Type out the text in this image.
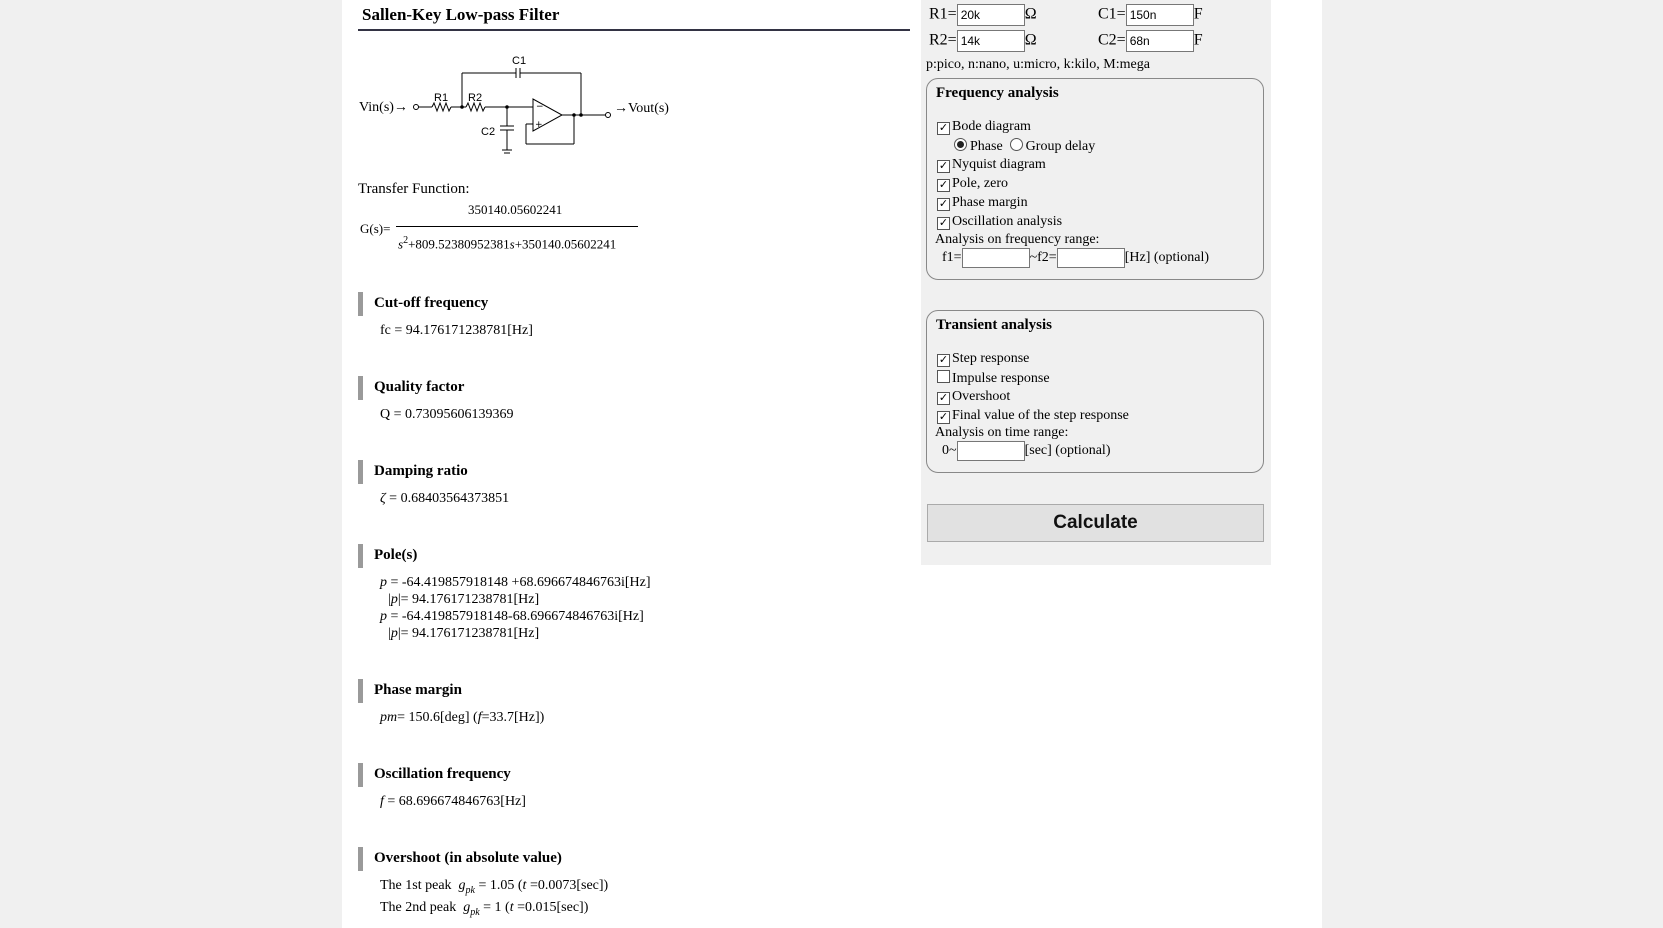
Sallen-Key Low-pass Filter
Vin(s)→	−
+
R1 R2
C1
C2
→Vout(s)
Transfer Function:
G(s)=
350140.05602241
$s^2+809.52380952381s+350140.05602241$
Cut-off frequency
fc = 94.176171238781[Hz]
Quality factor
Q = 0.73095606139369
Damping ratio
ζ = 0.68403564373851
Pole(s)
p = -64.419857918148 +68.696674846763i[Hz]
|p|= 94.176171238781[Hz]
p = -64.419857918148-68.696674846763i[Hz]
|p|= 94.176171238781[Hz]
Phase margin
pm= 150.6[deg] (f=33.7[Hz])
Oscillation frequency
f = 68.696674846763[Hz]
Overshoot (in absolute value)
The 1st peak $g_{pk} = 1.05$ (t =0.0073[sec])
The 2nd peak $g_{pk} = 1$ (t =0.015[sec])
R1=20k	Ω	C1=150n	F
R2=14k	Ω	C2=68n	F
p:pico, n:nano, u:micro, k:kilo, M:mega
Frequency analysis
✓ Bode diagram
Phase Group delay
✓ Nyquist diagram
✓ Pole, zero
✓ Phase margin
✓ Oscillation analysis
Analysis on frequency range:
f1=	~f2=	[Hz] (optional)
Transient analysis
✓ Step response
Impulse response
✓ Overshoot
✓ Final value of the step response
Analysis on time range:
0~	[sec] (optional)
Calculate
